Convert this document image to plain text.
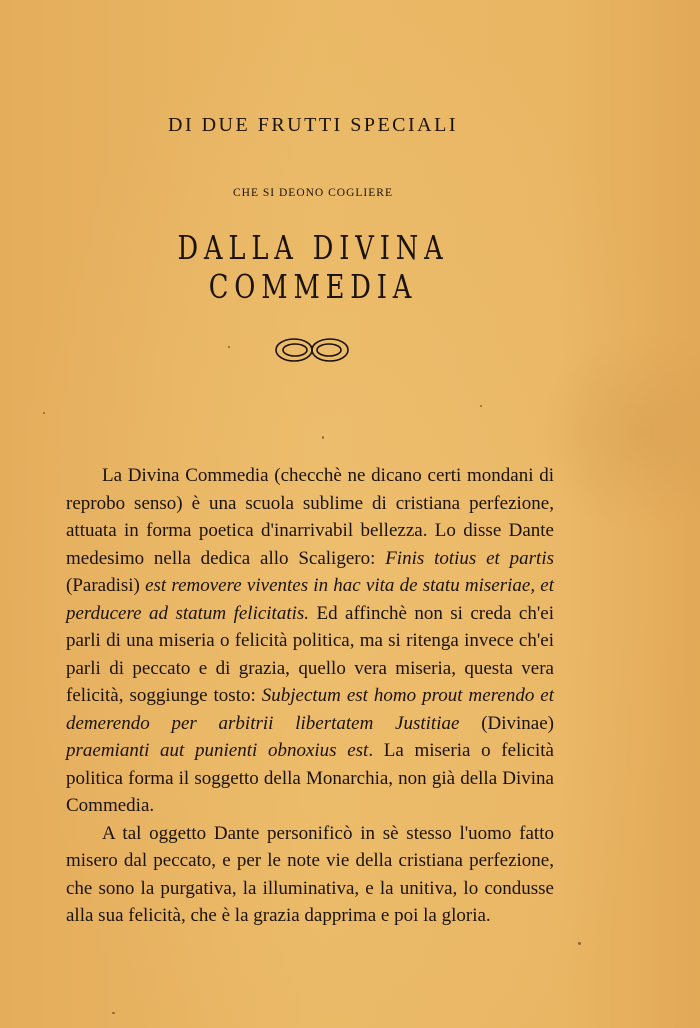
DI DUE FRUTTI SPECIALI
CHE SI DEONO COGLIERE
DALLA DIVINA COMMEDIA

La Divina Commedia (checchè ne dicano certi mondani di reprobo senso) è una scuola sublime di cristiana perfezione, attuata in forma poetica d'inarrivabil bellezza. Lo disse Dante medesimo nella dedica allo Scaligero: Finis totius et partis (Paradisi) est removere viventes in hac vita de statu miseriae, et perducere ad statum felicitatis. Ed affinchè non si creda ch'ei parli di una miseria o felicità politica, ma si ritenga invece ch'ei parli di peccato e di grazia, quello vera miseria, questa vera felicità, soggiunge tosto: Subjectum est homo prout merendo et demerendo per arbitrii libertatem Justitiae (Divinae) praemianti aut punienti obnoxius est. La miseria o felicità politica forma il soggetto della Monarchia, non già della Divina Commedia.

A tal oggetto Dante personificò in sè stesso l'uomo fatto misero dal peccato, e per le note vie della cristiana perfezione, che sono la purgativa, la illuminativa, e la unitiva, lo condusse alla sua felicità, che è la grazia dapprima e poi la gloria.
